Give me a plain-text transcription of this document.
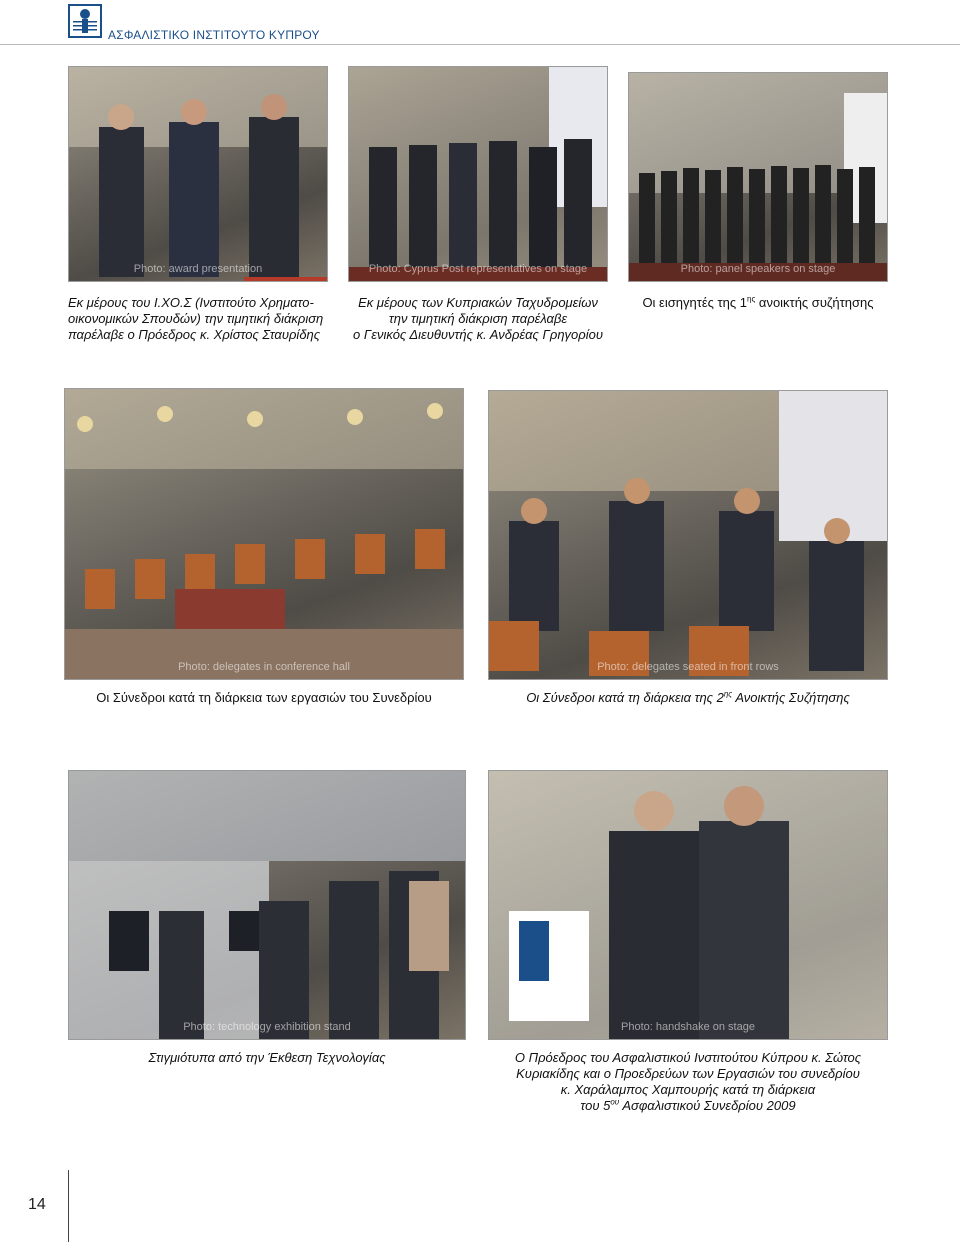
ΑΣΦΑΛΙΣΤΙΚΟ ΙΝΣΤΙΤΟΥΤΟ ΚΥΠΡΟΥ
Photo: award presentation	Photo: Cyprus Post representatives on stage	Photo: panel speakers on stage
Εκ μέρους του Ι.ΧΟ.Σ (Ινστιτούτο Χρηματο-
οικονομικών Σπουδών) την τιμητική διάκριση
παρέλαβε ο Πρόεδρος κ. Χρίστος Σταυρίδης
Εκ μέρους των Κυπριακών Ταχυδρομείων
την τιμητική διάκριση παρέλαβε
ο Γενικός Διευθυντής κ. Ανδρέας Γρηγορίου
Οι εισηγητές της $1^{\eta\varsigma}$ ανοικτής συζήτησης
Photo: delegates in conference hall	Photo: delegates seated in front rows
Οι Σύνεδροι κατά τη διάρκεια των εργασιών του Συνεδρίου	Οι Σύνεδροι κατά τη διάρκεια της $2^{\eta\varsigma}$ Ανοικτής Συζήτησης
Photo: technology exhibition stand	Photo: handshake on stage
Στιγμιότυπα από την Έκθεση Τεχνολογίας	Ο Πρόεδρος του Ασφαλιστικού Ινστιτούτου Κύπρου κ. Σώτος
Κυριακίδης και ο Προεδρεύων των Εργασιών του συνεδρίου
κ. Χαράλαμπος Χαμπουρής κατά τη διάρκεια
του $5^{o\upsilon}$ Ασφαλιστικού Συνεδρίου 2009
14
